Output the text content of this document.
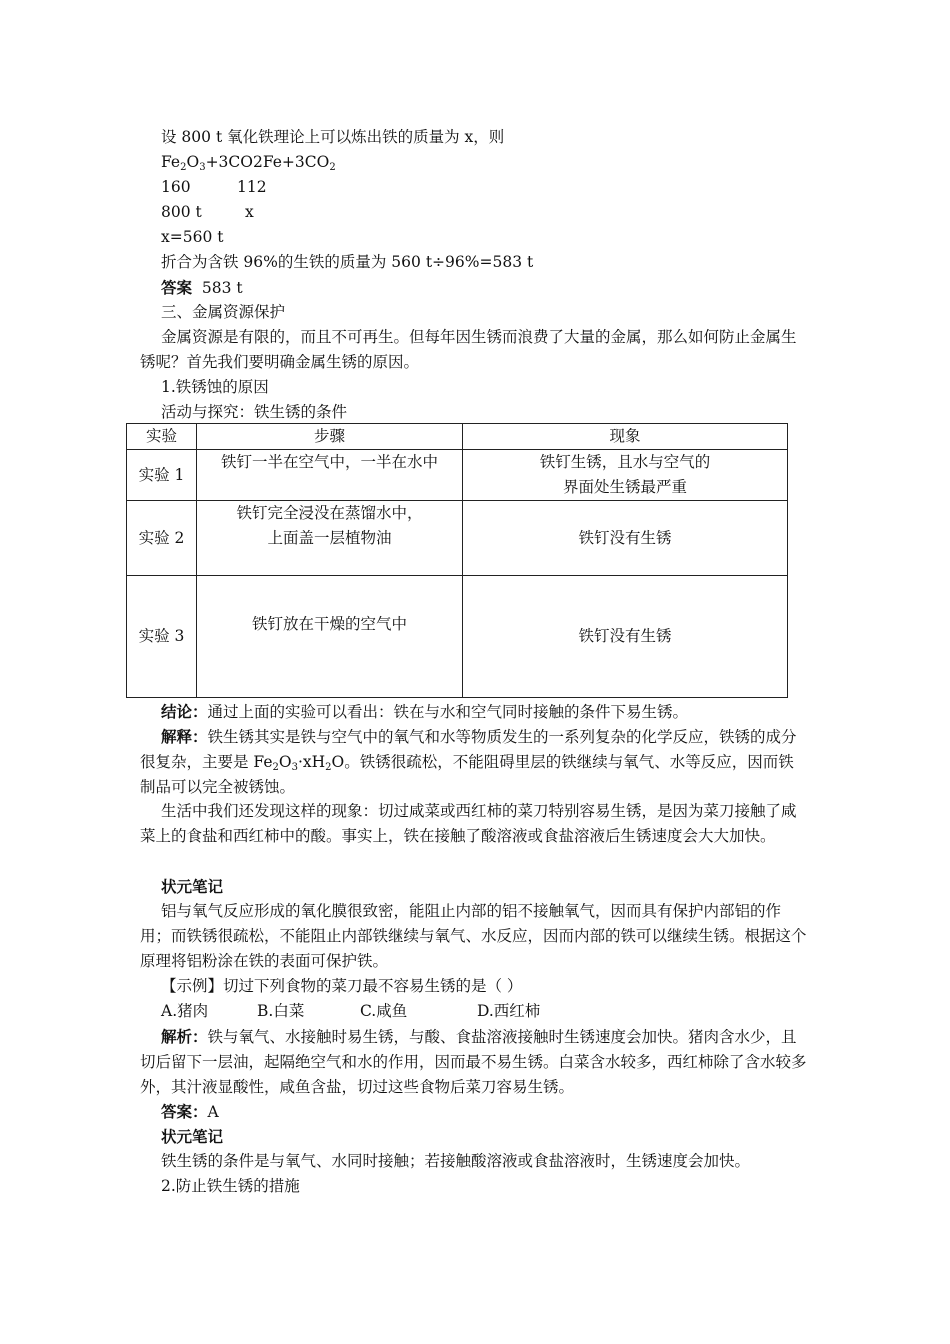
设 800 t 氧化铁理论上可以炼出铁的质量为 x，则
$Fe_2O_3+3CO2Fe+3CO_2$
160	112
800 t	x
x=560 t
折合为含铁 96%的生铁的质量为 560 t÷96%=583 t
答案 583 t
三、金属资源保护
金属资源是有限的，而且不可再生。但每年因生锈而浪费了大量的金属，那么如何防止金属生锈呢？首先我们要明确金属生锈的原因。
1.铁锈蚀的原因
活动与探究：铁生锈的条件
实验	步骤	现象
实验 1	铁钉一半在空气中，一半在水中	铁钉生锈，且水与空气的
界面处生锈最严重

实验 2	铁钉完全浸没在蒸馏水中，
上面盖一层植物油	铁钉没有生锈
实验 3	铁钉放在干燥的空气中	铁钉没有生锈
结论：通过上面的实验可以看出：铁在与水和空气同时接触的条件下易生锈。
解释：铁生锈其实是铁与空气中的氧气和水等物质发生的一系列复杂的化学反应，铁锈的成分很复杂，主要是 $Fe_2O_3\cdot xH_2O$。铁锈很疏松，不能阻碍里层的铁继续与氧气、水等反应，因而铁制品可以完全被锈蚀。
生活中我们还发现这样的现象：切过咸菜或西红柿的菜刀特别容易生锈，是因为菜刀接触了咸菜上的食盐和西红柿中的酸。事实上，铁在接触了酸溶液或食盐溶液后生锈速度会大大加快。
状元笔记
铝与氧气反应形成的氧化膜很致密，能阻止内部的铝不接触氧气，因而具有保护内部铝的作用；而铁锈很疏松，不能阻止内部铁继续与氧气、水反应，因而内部的铁可以继续生锈。根据这个原理将铝粉涂在铁的表面可保护铁。
【示例】切过下列食物的菜刀最不容易生锈的是（ ）
A.猪肉	B.白菜	C.咸鱼	D.西红柿
解析：铁与氧气、水接触时易生锈，与酸、食盐溶液接触时生锈速度会加快。猪肉含水少，且切后留下一层油，起隔绝空气和水的作用，因而最不易生锈。白菜含水较多，西红柿除了含水较多外，其汁液显酸性，咸鱼含盐，切过这些食物后菜刀容易生锈。
答案：A
状元笔记
铁生锈的条件是与氧气、水同时接触；若接触酸溶液或食盐溶液时，生锈速度会加快。
2.防止铁生锈的措施
